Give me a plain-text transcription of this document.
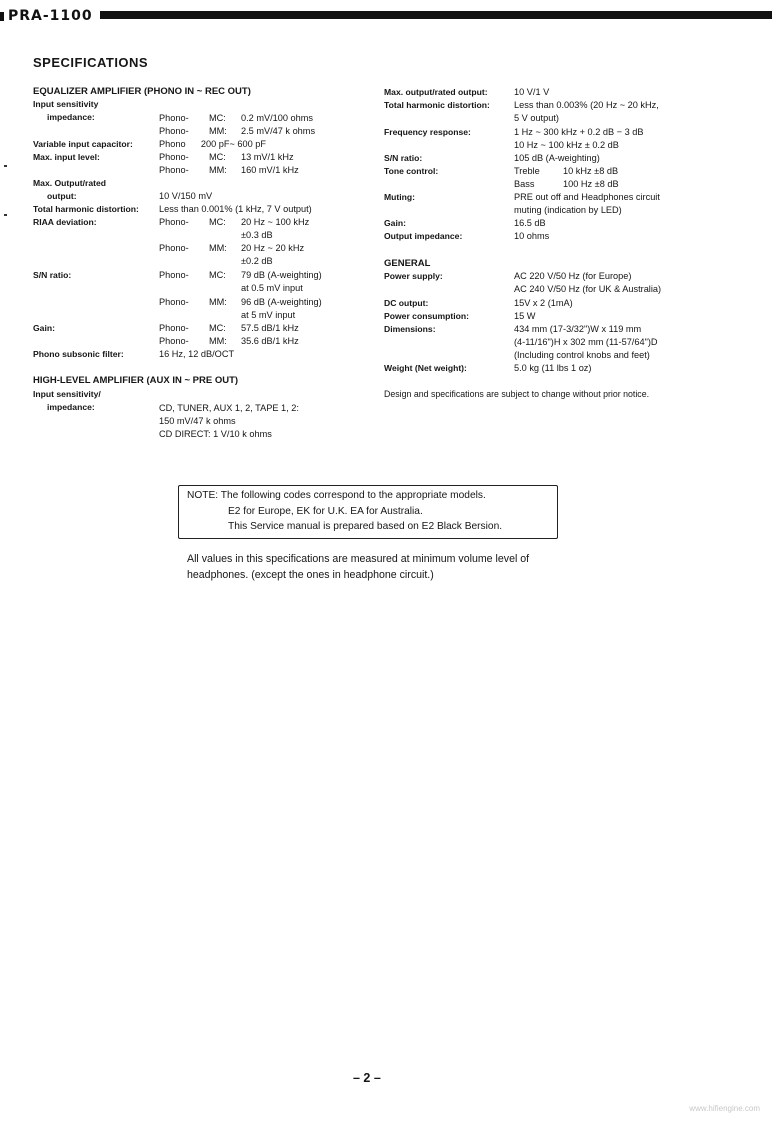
PRA-1100
SPECIFICATIONS
EQUALIZER AMPLIFIER (PHONO IN ~ REC OUT)
Input sensitivity
impedance:	Phono- MC: 0.2 mV/100 ohms
Phono- MM: 2.5 mV/47 k ohms
Variable input capacitor:	Phono      200 pF~ 600 pF
Max. input level:	Phono- MC: 13 mV/1 kHz
Phono- MM: 160 mV/1 kHz
Max. Output/rated
output:	10 V/150 mV
Total harmonic distortion: Less than 0.001% (1 kHz, 7 V output)
RIAA deviation:	Phono- MC: 20 Hz ~ 100 kHz
±0.3 dB
Phono- MM: 20 Hz ~ 20 kHz
±0.2 dB
S/N ratio:	Phono- MC: 79 dB (A-weighting)
at 0.5 mV input
Phono- MM: 96 dB (A-weighting)
at 5 mV input
Gain:	Phono- MC: 57.5 dB/1 kHz
Phono- MM: 35.6 dB/1 kHz
Phono subsonic filter:	16 Hz, 12 dB/OCT
HIGH-LEVEL AMPLIFIER (AUX IN ~ PRE OUT)
Input sensitivity/
impedance:	CD, TUNER, AUX 1, 2, TAPE 1, 2:
150 mV/47 k ohms
CD DIRECT: 1 V/10 k ohms
Max. output/rated output:	10 V/1 V
Total harmonic distortion:	Less than 0.003% (20 Hz ~ 20 kHz,
5 V output)
Frequency response:	1 Hz ~ 300 kHz + 0.2 dB − 3 dB
10 Hz ~ 100 kHz ± 0.2 dB
S/N ratio:	105 dB (A-weighting)
Tone control:	Treble	10 kHz ±8 dB
Bass	100 Hz ±8 dB
Muting:	PRE out off and Headphones circuit
muting (indication by LED)
Gain:	16.5 dB
Output impedance:	10 ohms
GENERAL
Power supply:	AC 220 V/50 Hz (for Europe)
AC 240 V/50 Hz (for UK & Australia)
DC output:	15V x 2 (1mA)
Power consumption:	15 W
Dimensions:	434 mm (17-3/32")W x 119 mm
(4-11/16")H x 302 mm (11-57/64")D
(Including control knobs and feet)
Weight (Net weight):	5.0 kg (11 lbs 1 oz)
Design and specifications are subject to change without prior notice.
NOTE: The following codes correspond to the appropriate models.
E2 for Europe, EK for U.K. EA for Australia.
This Service manual is prepared based on E2 Black Bersion.
All values in this specifications are measured at minimum volume level of
headphones. (except the ones in headphone circuit.)
– 2 –
www.hifiengine.com
